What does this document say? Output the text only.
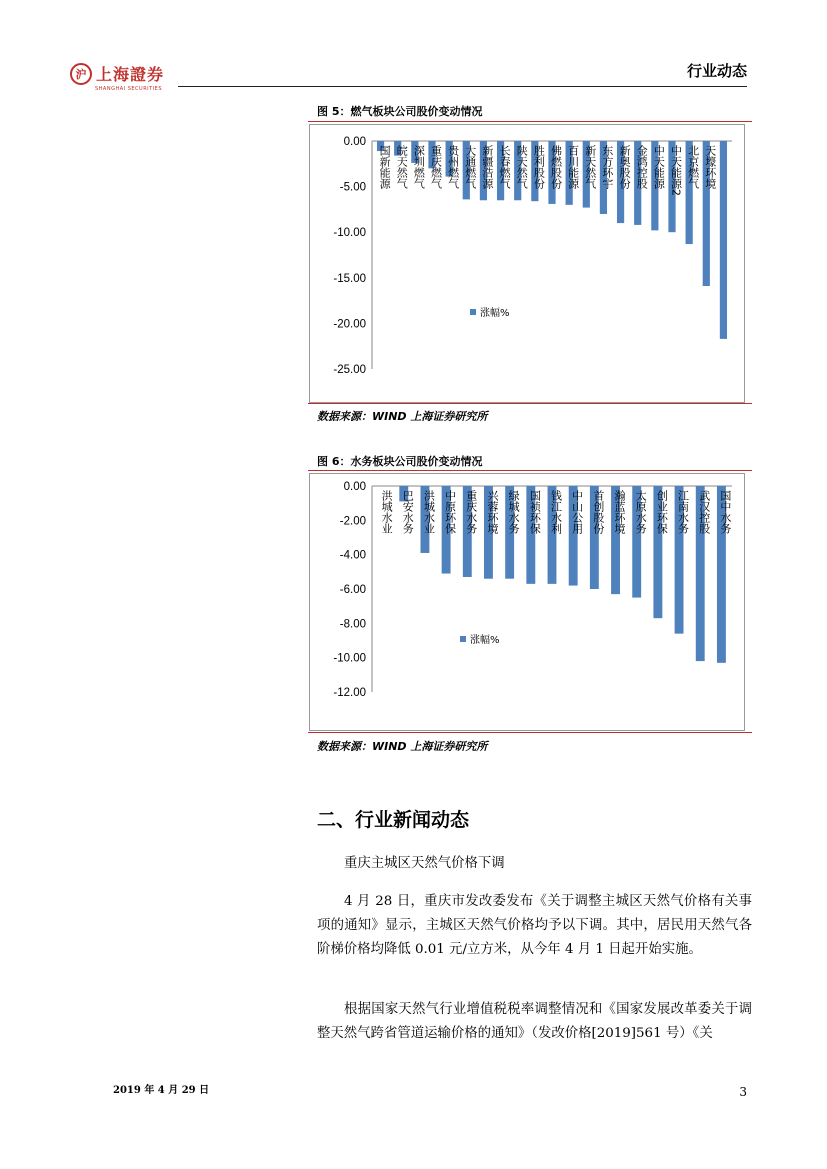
沪 上海證券
SHANGHAI SECURITIES
行业动态
图 5：燃气板块公司股价变动情况
0.00
-5.00
-10.00
-15.00
-20.00
-25.00
国新能源 皖天然气 深圳燃气 重庆燃气 贵州燃气 大通燃气 新疆浩源 长春燃气 陕天然气 胜利股份 佛燃股份 百川能源 新天然气 东方环宇 新奥股份 金鸿控股 中天能源 中天能源2 北京燃气 天壕环境
涨幅%
数据来源：WIND 上海证券研究所
图 6：水务板块公司股价变动情况
0.00
-2.00
-4.00
-6.00
-8.00
-10.00
-12.00
洪城水业 巴安水务 洪城水业 中原环保 重庆水务 兴蓉环境 绿城水务 国祯环保 钱江水利 中山公用 首创股份 瀚蓝环境 太原水务 创业环保 江南水务 武汉控股 国中水务
涨幅%
数据来源：WIND 上海证券研究所
二、行业新闻动态
重庆主城区天然气价格下调
4 月 28 日，重庆市发改委发布《关于调整主城区天然气价格有关事项的通知》显示，主城区天然气价格均予以下调。其中，居民用天然气各阶梯价格均降低 0.01 元/立方米，从今年 4 月 1 日起开始实施。
根据国家天然气行业增值税税率调整情况和《国家发展改革委关于调整天然气跨省管道运输价格的通知》（发改价格[2019]561 号）《关
2019 年 4 月 29 日	3
